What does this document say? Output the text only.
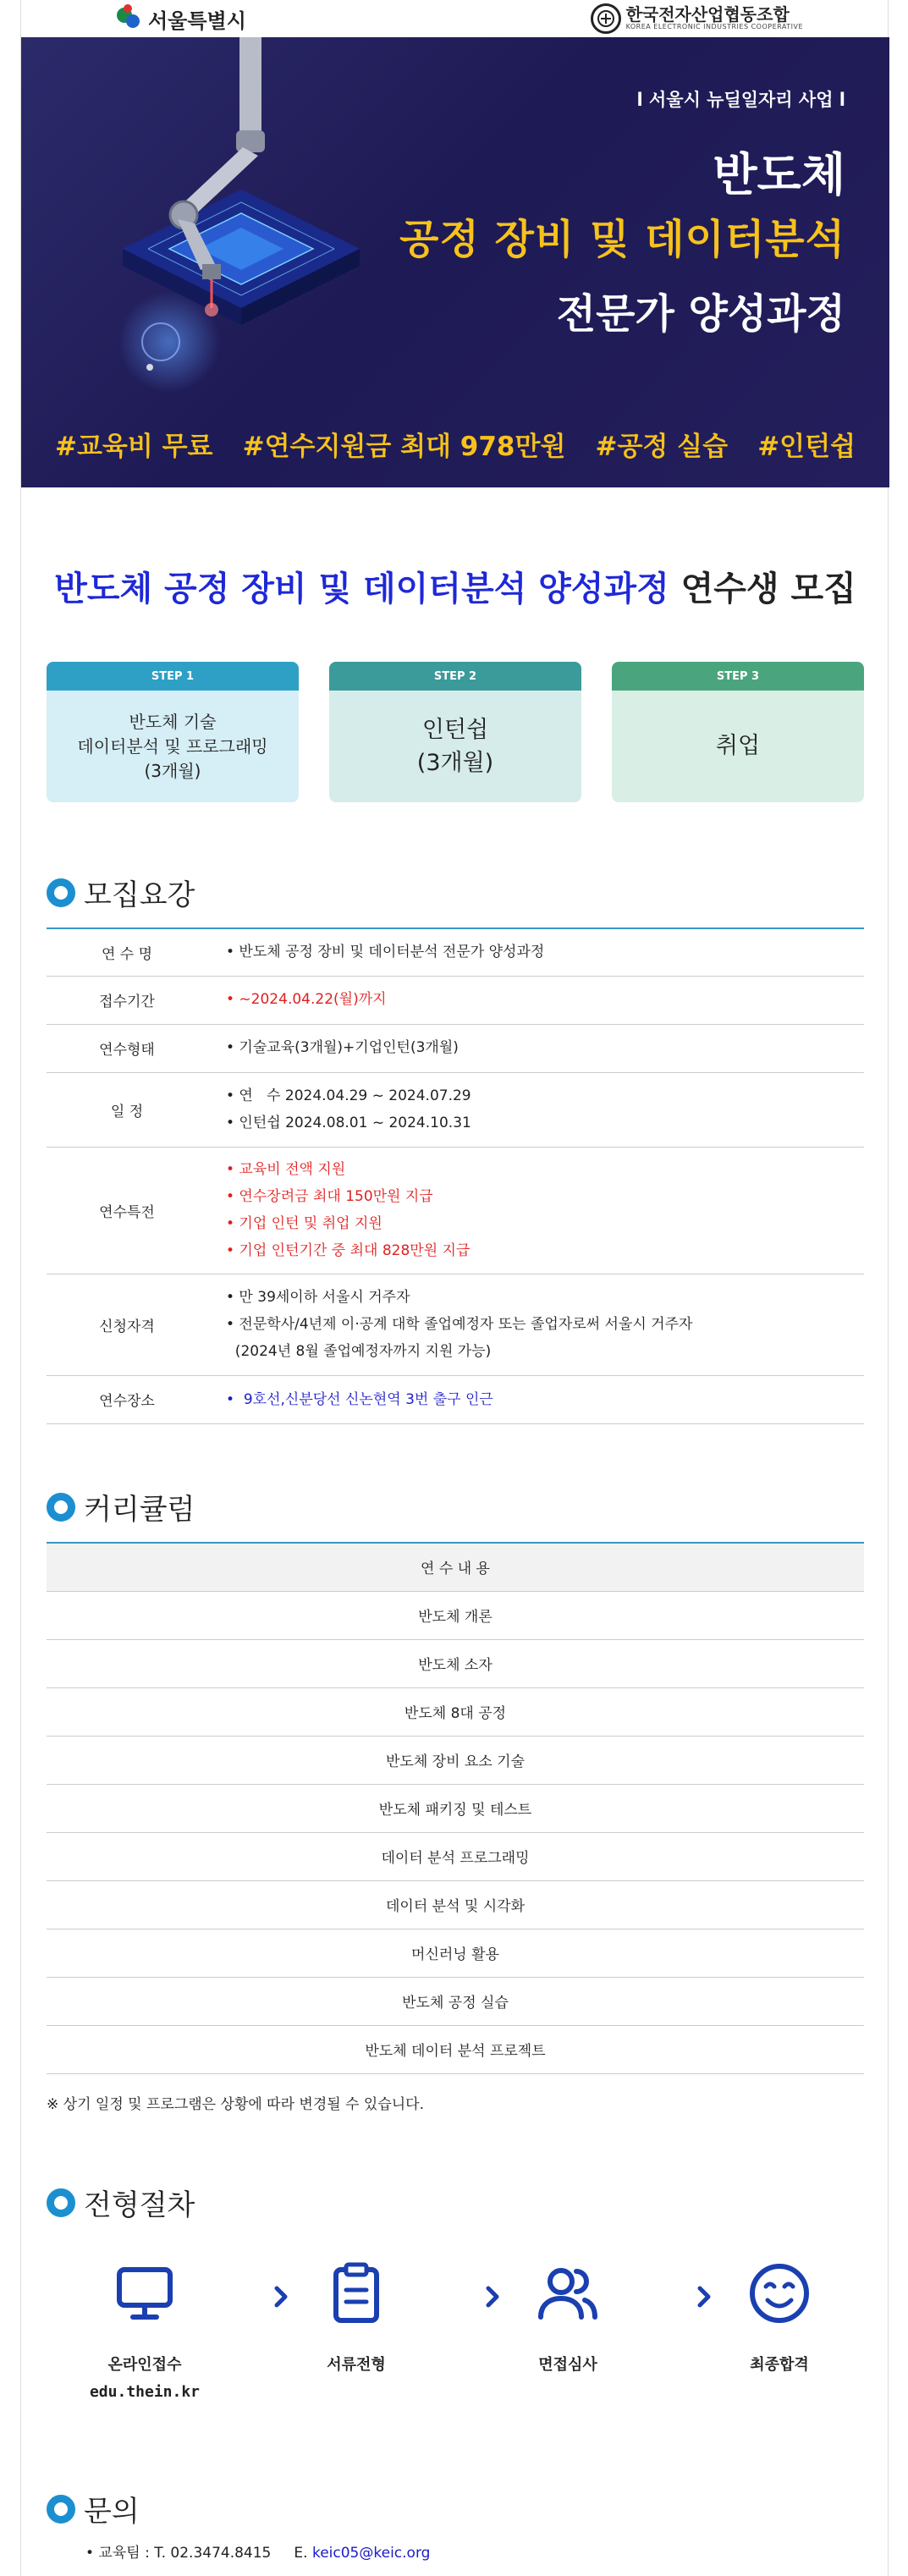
서울특별시	한국전자산업협동조합
KOREA ELECTRONIC INDUSTRIES COOPERATIVE
l 서울시 뉴딜일자리 사업 l
반도체
공정 장비 및 데이터분석
전문가 양성과정
#교육비 무료 #연수지원금 최대 978만원 #공정 실습 #인턴쉽
반도체 공정 장비 및 데이터분석 양성과정 연수생 모집
STEP 1
반도체 기술
데이터분석 및 프로그래밍
(3개월)
STEP 2
인턴쉽
(3개월)
STEP 3
취업
모집요강
연 수 명	• 반도체 공정 장비 및 데이터분석 전문가 양성과정

접수기간	• ~2024.04.22(월)까지

연수형태	• 기술교육(3개월)+기업인턴(3개월)

일 정	• 연   수 2024.04.29 ~ 2024.07.29
• 인턴쉽 2024.08.01 ~ 2024.10.31

연수특전	• 교육비 전액 지원
• 연수장려금 최대 150만원 지급
• 기업 인턴 및 취업 지원
• 기업 인턴기간 중 최대 828만원 지급

신청자격	• 만 39세이하 서울시 거주자
• 전문학사/4년제 이·공계 대학 졸업예정자 또는 졸업자로써 서울시 거주자
(2024년 8월 졸업예정자까지 지원 가능)

연수장소	•  9호선,신분당선 신논현역 3번 출구 인근
커리큘럼
연 수 내 용
반도체 개론
반도체 소자
반도체 8대 공정
반도체 장비 요소 기술
반도체 패키징 및 테스트
데이터 분석 프로그래밍
데이터 분석 및 시각화
머신러닝 활용
반도체 공정 실습
반도체 데이터 분석 프로젝트
※ 상기 일정 및 프로그램은 상황에 따라 변경될 수 있습니다.
전형절차
온라인접수
edu.thein.kr
서류전형	면접심사	최종합격
문의
• 교육팀 : T. 02.3474.8415 E. keic05@keic.org
